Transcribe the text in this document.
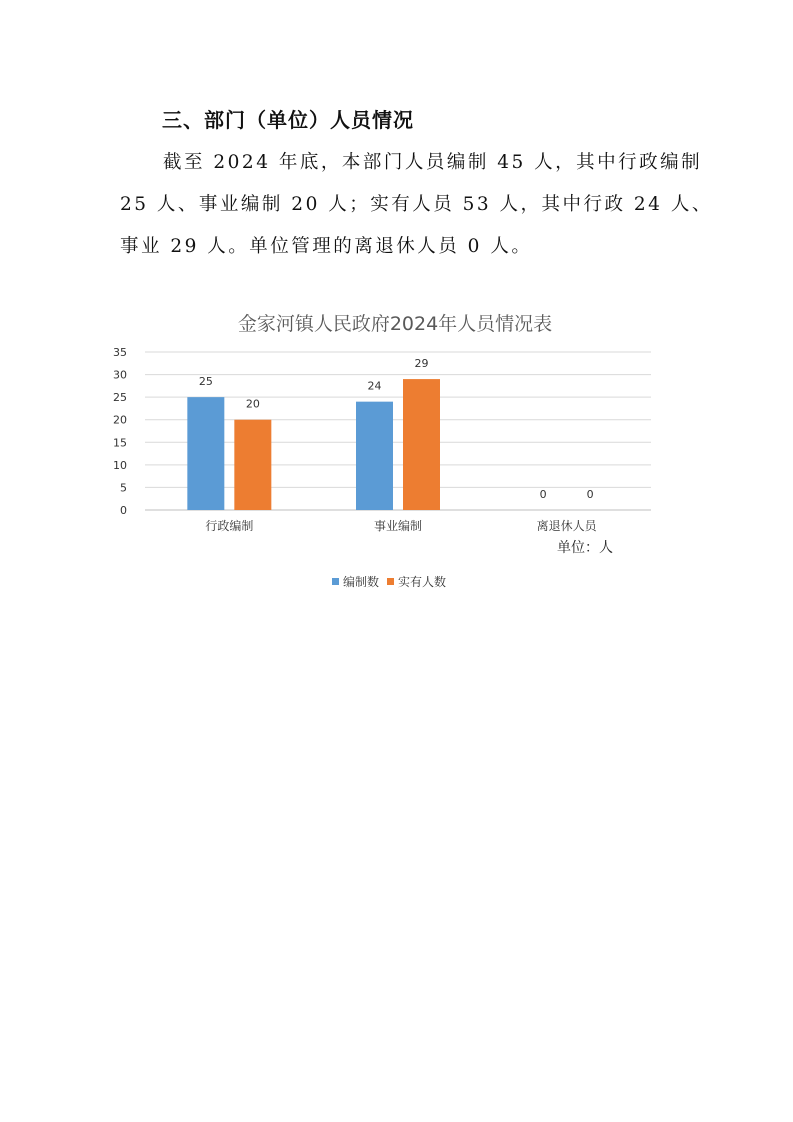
三、部门（单位）人员情况
截至 2024 年底，本部门人员编制 45 人，其中行政编制
25 人、事业编制 20 人；实有人员 53 人，其中行政 24 人、
事业 29 人。单位管理的离退休人员 0 人。
金家河镇人民政府2024年人员情况表
0
5
10
15
20
25
30
35
25
20
行政编制
24
29
事业编制
0	0
离退休人员
单位：人
编制数 实有人数
